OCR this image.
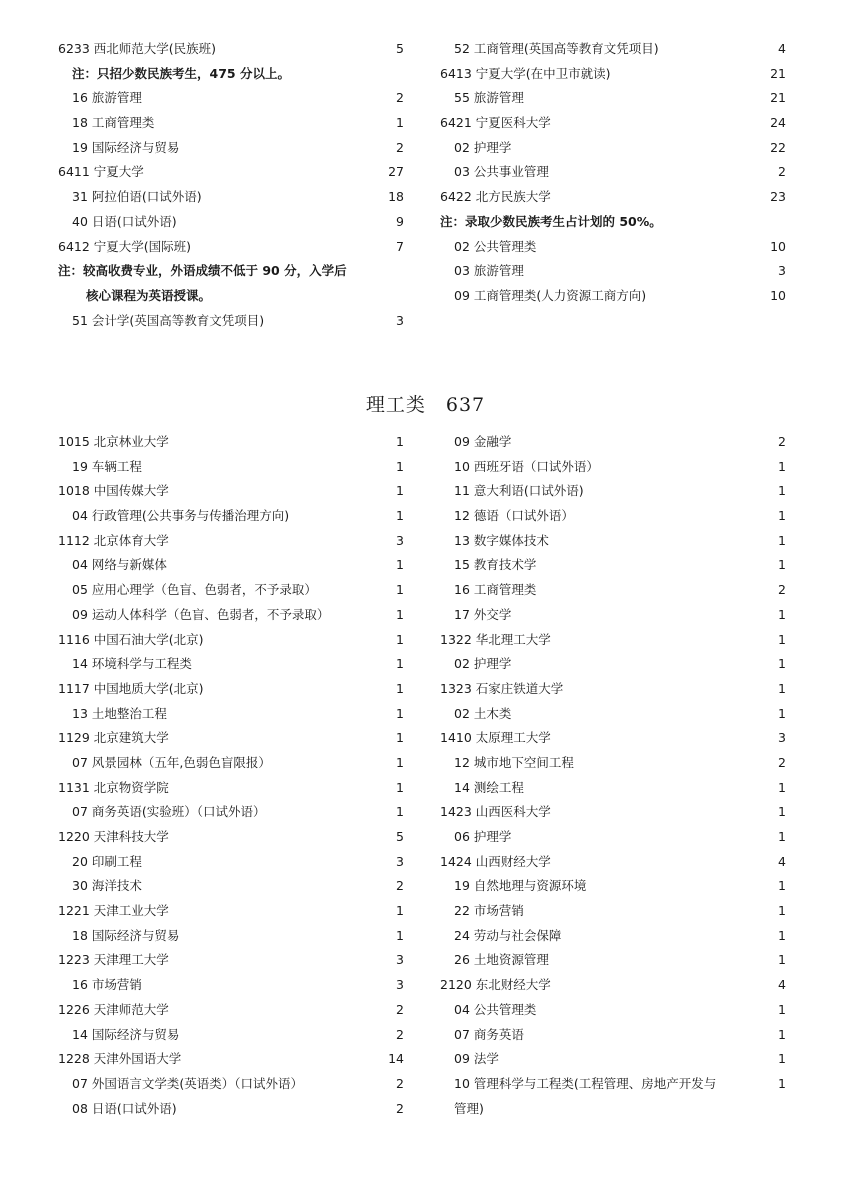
6233 西北师范大学(民族班)	5
注：只招少数民族考生，475 分以上。
16 旅游管理	2
18 工商管理类	1
19 国际经济与贸易	2
6411 宁夏大学	27
31 阿拉伯语(口试外语)	18
40 日语(口试外语)	9
6412 宁夏大学(国际班)	7
注：较高收费专业，外语成绩不低于 90 分，入学后
核心课程为英语授课。
51 会计学(英国高等教育文凭项目)	3
52 工商管理(英国高等教育文凭项目)	4
6413 宁夏大学(在中卫市就读)	21
55 旅游管理	21
6421 宁夏医科大学	24
02 护理学	22
03 公共事业管理	2
6422 北方民族大学	23
注：录取少数民族考生占计划的 50%。
02 公共管理类	10
03 旅游管理	3
09 工商管理类(人力资源工商方向)	10
理工类　637
1015 北京林业大学	1
19 车辆工程	1
1018 中国传媒大学	1
04 行政管理(公共事务与传播治理方向)	1
1112 北京体育大学	3
04 网络与新媒体	1
05 应用心理学（色盲、色弱者，不予录取）	1
09 运动人体科学（色盲、色弱者，不予录取）	1
1116 中国石油大学(北京)	1
14 环境科学与工程类	1
1117 中国地质大学(北京)	1
13 土地整治工程	1
1129 北京建筑大学	1
07 风景园林（五年,色弱色盲限报）	1
1131 北京物资学院	1
07 商务英语(实验班）（口试外语）	1
1220 天津科技大学	5
20 印刷工程	3
30 海洋技术	2
1221 天津工业大学	1
18 国际经济与贸易	1
1223 天津理工大学	3
16 市场营销	3
1226 天津师范大学	2
14 国际经济与贸易	2
1228 天津外国语大学	14
07 外国语言文学类(英语类）（口试外语）	2
08 日语(口试外语)	2
09 金融学	2
10 西班牙语（口试外语）	1
11 意大利语(口试外语)	1
12 德语（口试外语）	1
13 数字媒体技术	1
15 教育技术学	1
16 工商管理类	2
17 外交学	1
1322 华北理工大学	1
02 护理学	1
1323 石家庄铁道大学	1
02 土木类	1
1410 太原理工大学	3
12 城市地下空间工程	2
14 测绘工程	1
1423 山西医科大学	1
06 护理学	1
1424 山西财经大学	4
19 自然地理与资源环境	1
22 市场营销	1
24 劳动与社会保障	1
26 土地资源管理	1
2120 东北财经大学	4
04 公共管理类	1
07 商务英语	1
09 法学	1
10 管理科学与工程类(工程管理、房地产开发与	1
管理)
